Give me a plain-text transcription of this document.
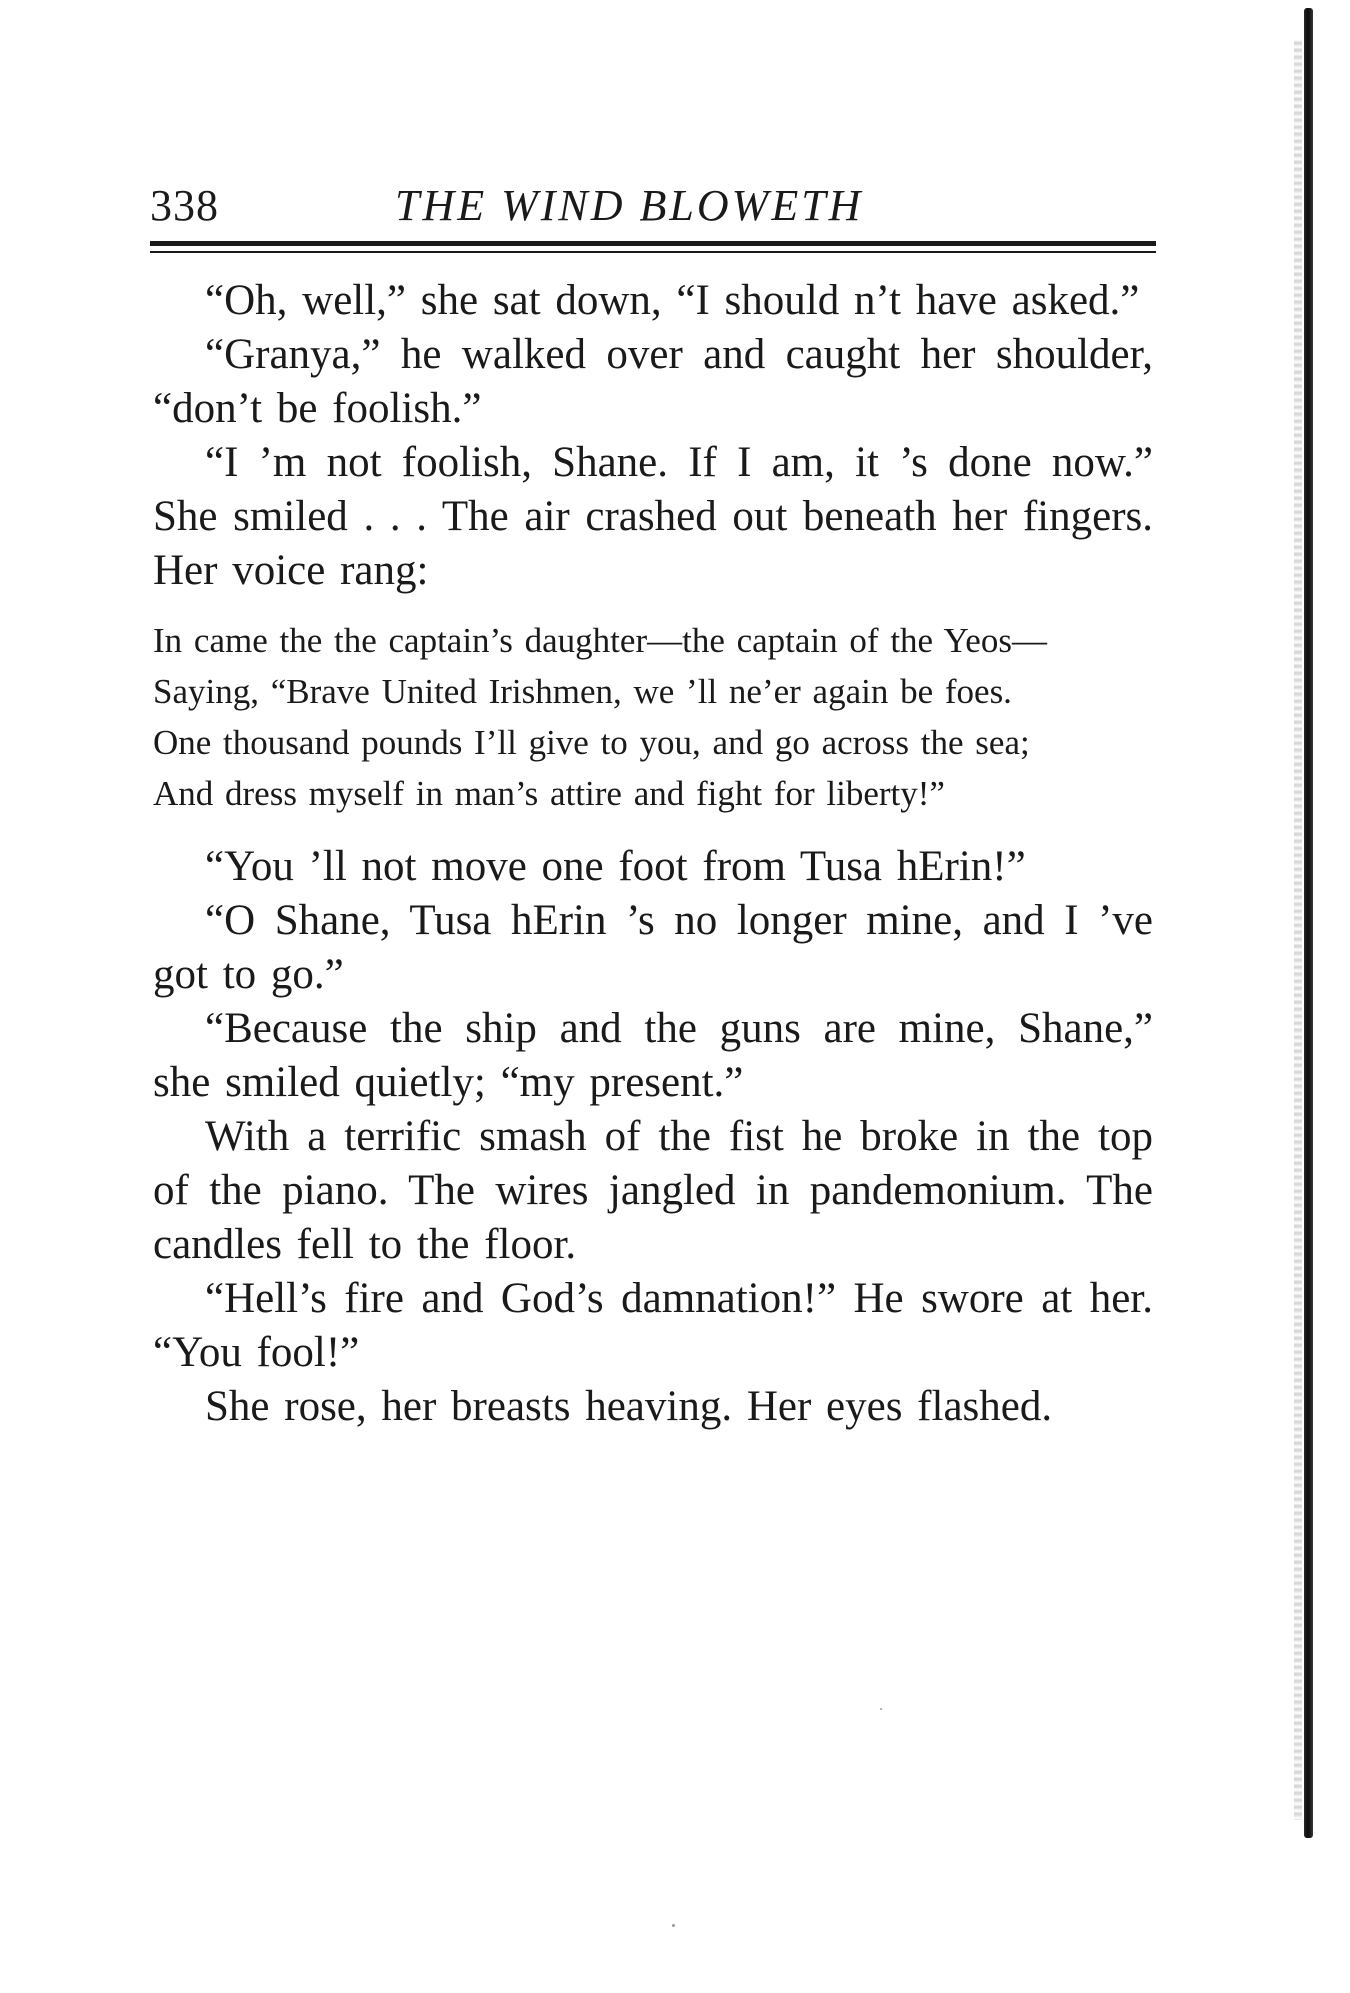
338	THE WIND BLOWETH

“Oh, well,” she sat down, “I should n’t have asked.”

“Granya,” he walked over and caught her shoulder, “don’t be foolish.”

“I ’m not foolish, Shane. If I am, it ’s done now.” She smiled . . . The air crashed out beneath her fingers. Her voice rang:

In came the the captain’s daughter—the captain of the Yeos—

Saying, “Brave United Irishmen, we ’ll ne’er again be foes.

One thousand pounds I’ll give to you, and go across the sea;

And dress myself in man’s attire and fight for liberty!”

“You ’ll not move one foot from Tusa hErin!”

“O Shane, Tusa hErin ’s no longer mine, and I ’ve got to go.”

“Because the ship and the guns are mine, Shane,” she smiled quietly; “my present.”

With a terrific smash of the fist he broke in the top of the piano. The wires jangled in pandemonium. The candles fell to the floor.

“Hell’s fire and God’s damnation!” He swore at her. “You fool!”

She rose, her breasts heaving. Her eyes flashed.
